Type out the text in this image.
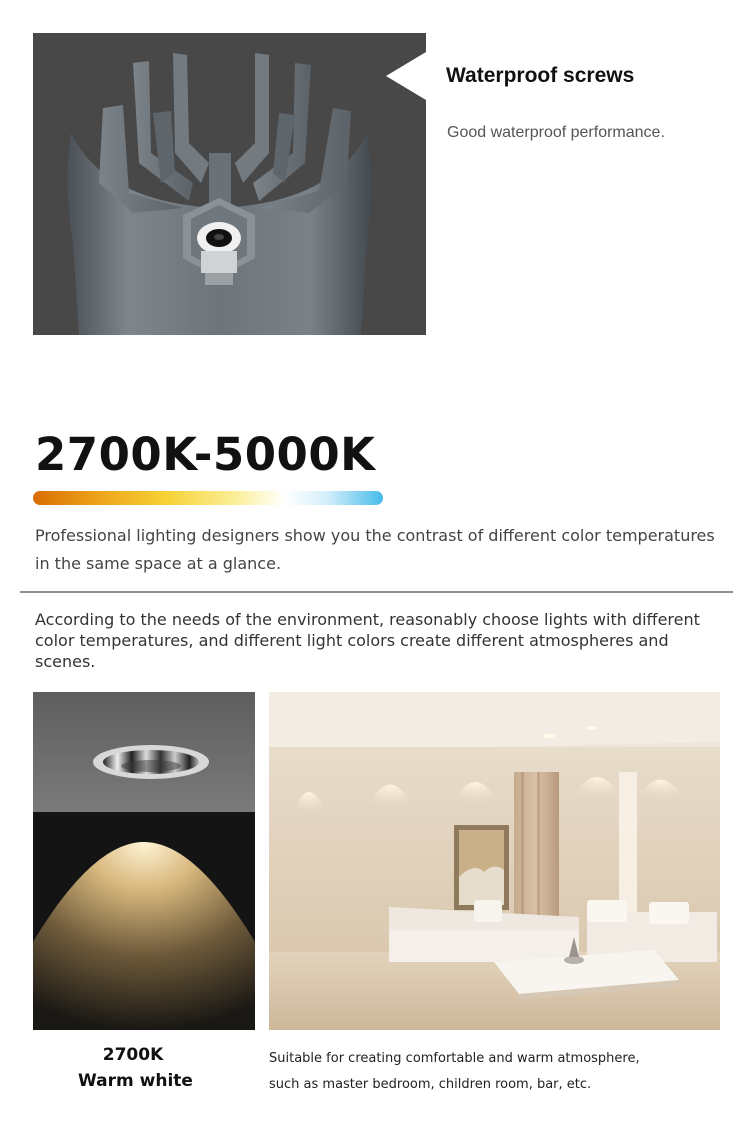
Waterproof screws
Good waterproof performance.
2700K-5000K
Professional lighting designers show you the contrast of different color temperatures in the same space at a glance.
According to the needs of the environment, reasonably choose lights with different color temperatures, and different light colors create different atmospheres and scenes.
2700K
Warm white
Suitable for creating comfortable and warm atmosphere,
such as master bedroom, children room, bar, etc.
